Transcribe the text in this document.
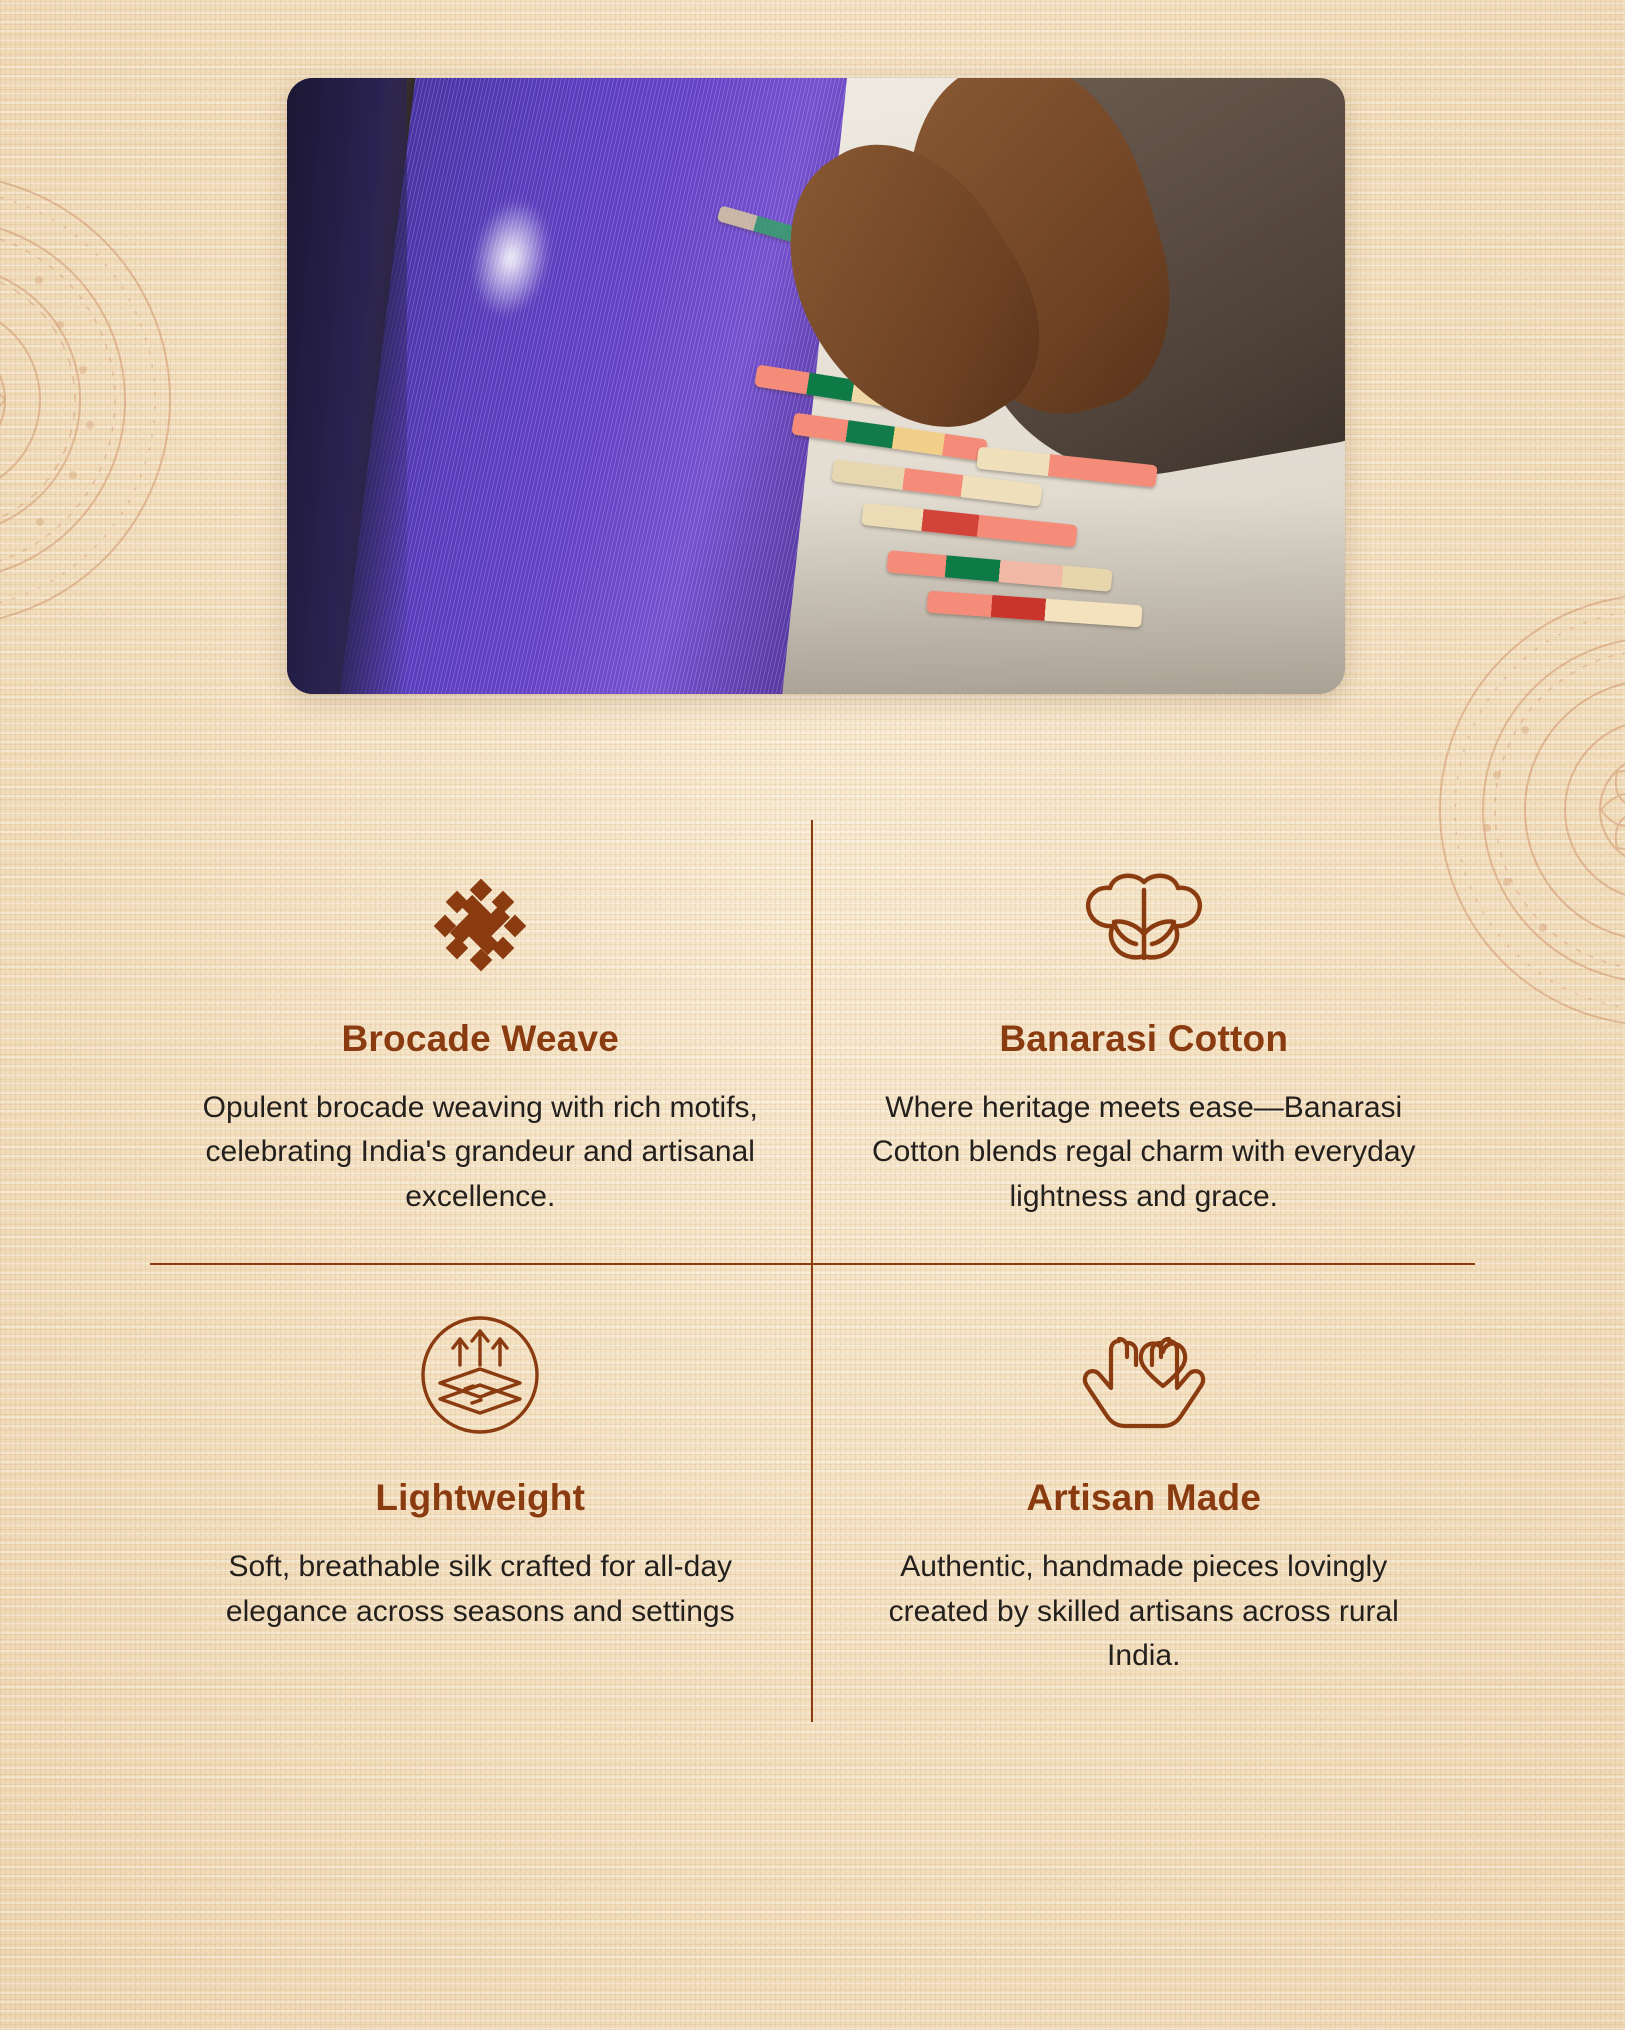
Brocade Weave
Opulent brocade weaving with rich motifs, celebrating India's grandeur and artisanal excellence.
Banarasi Cotton
Where heritage meets ease—Banarasi Cotton blends regal charm with everyday lightness and grace.
Lightweight
Soft, breathable silk crafted for all-day elegance across seasons and settings
Artisan Made
Authentic, handmade pieces lovingly created by skilled artisans across rural India.
